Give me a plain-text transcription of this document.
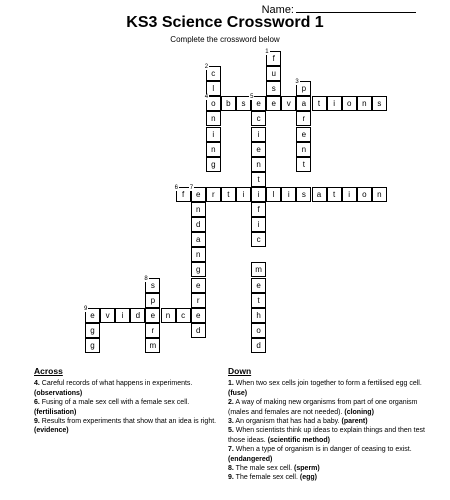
Name:
KS3 Science Crossword 1
Complete the crossword below
f
1
u
s
e
c
2
l
o
4
n
i
n
g
p
3
r
e
n
t
b	s	e
5
v	a	t	i	o	n	s
c
i
e
n
t
i
f
i
c
m
e
t
h
o
d
f
6
e
7
r	t	i	l	i	s	a	t	i	o	n
n
d
a
n
g
e
r
e
d
s
8
p
e
r
m
e
9
v	i	d	n	c
g
g
Across
4. Careful records of what happens in experiments. (observations)
6. Fusing of a male sex cell with a female sex cell. (fertilisation)
9. Results from experiments that show that an idea is right. (evidence)
Down
1. When two sex cells join together to form a fertilised egg cell. (fuse)
2. A way of making new organisms from part of one organism (males and females are not needed). (cloning)
3. An organism that has had a baby. (parent)
5. When scientists think up ideas to explain things and then test those ideas. (scientific method)
7. When a type of organism is in danger of ceasing to exist. (endangered)
8. The male sex cell. (sperm)
9. The female sex cell. (egg)
